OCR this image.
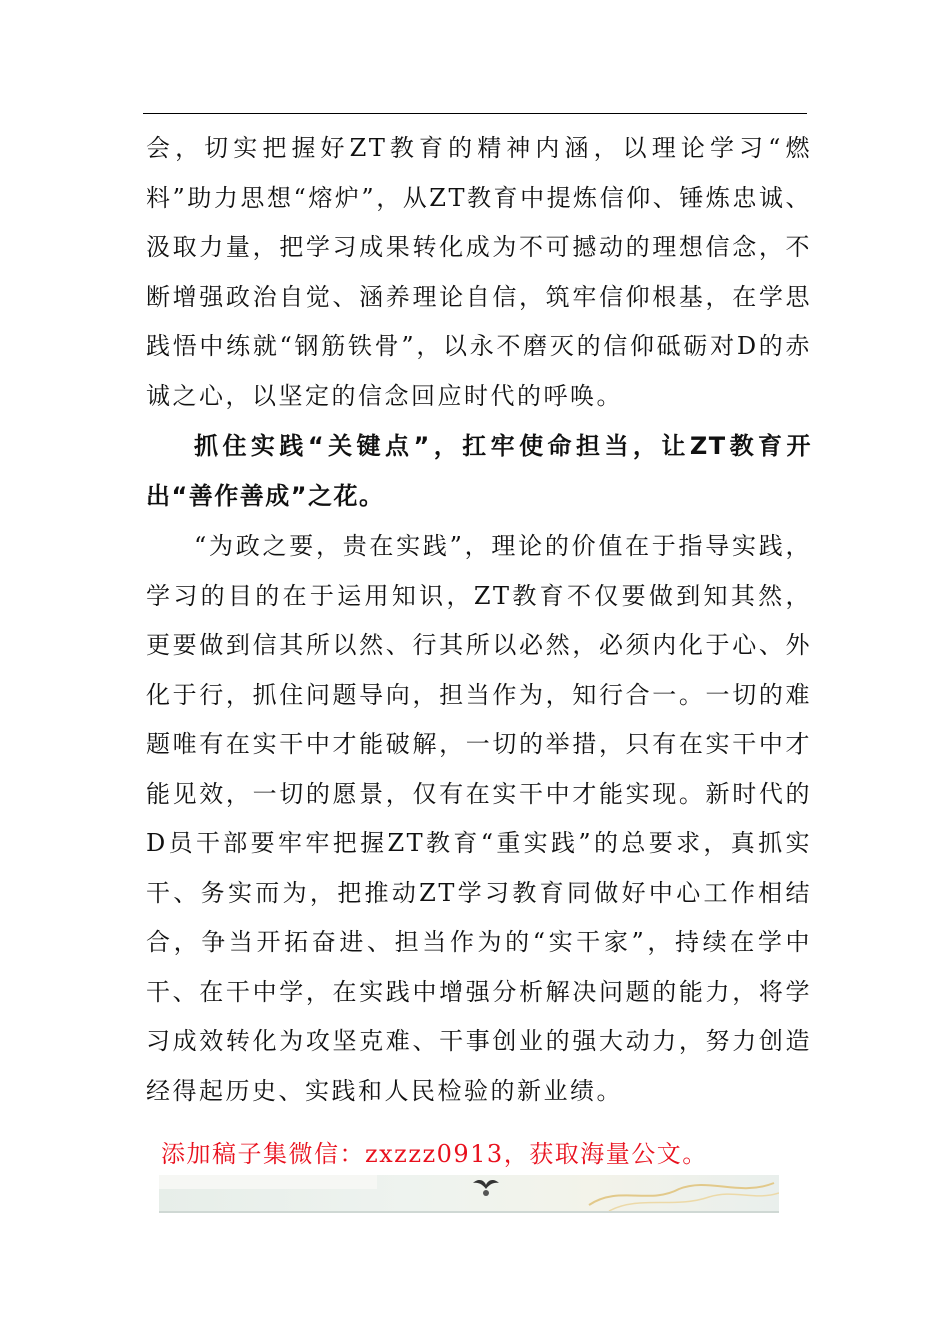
会，切实把握好ZT教育的精神内涵，以理论学习“燃料”助力思想“熔炉”，从ZT教育中提炼信仰、锤炼忠诚、汲取力量，把学习成果转化成为不可撼动的理想信念，不断增强政治自觉、涵养理论自信，筑牢信仰根基，在学思践悟中练就“钢筋铁骨”，以永不磨灭的信仰砥砺对D的赤诚之心，以坚定的信念回应时代的呼唤。

抓住实践“关键点”，扛牢使命担当，让ZT教育开出“善作善成”之花。

“为政之要，贵在实践”，理论的价值在于指导实践，学习的目的在于运用知识，ZT教育不仅要做到知其然，更要做到信其所以然、行其所以必然，必须内化于心、外化于行，抓住问题导向，担当作为，知行合一。一切的难题唯有在实干中才能破解，一切的举措，只有在实干中才能见效，一切的愿景，仅有在实干中才能实现。新时代的D员干部要牢牢把握ZT教育“重实践”的总要求，真抓实干、务实而为，把推动ZT学习教育同做好中心工作相结合，争当开拓奋进、担当作为的“实干家”，持续在学中干、在干中学，在实践中增强分析解决问题的能力，将学习成效转化为攻坚克难、干事创业的强大动力，努力创造经得起历史、实践和人民检验的新业绩。

添加稿子集微信：zxzzz0913，获取海量公文。
